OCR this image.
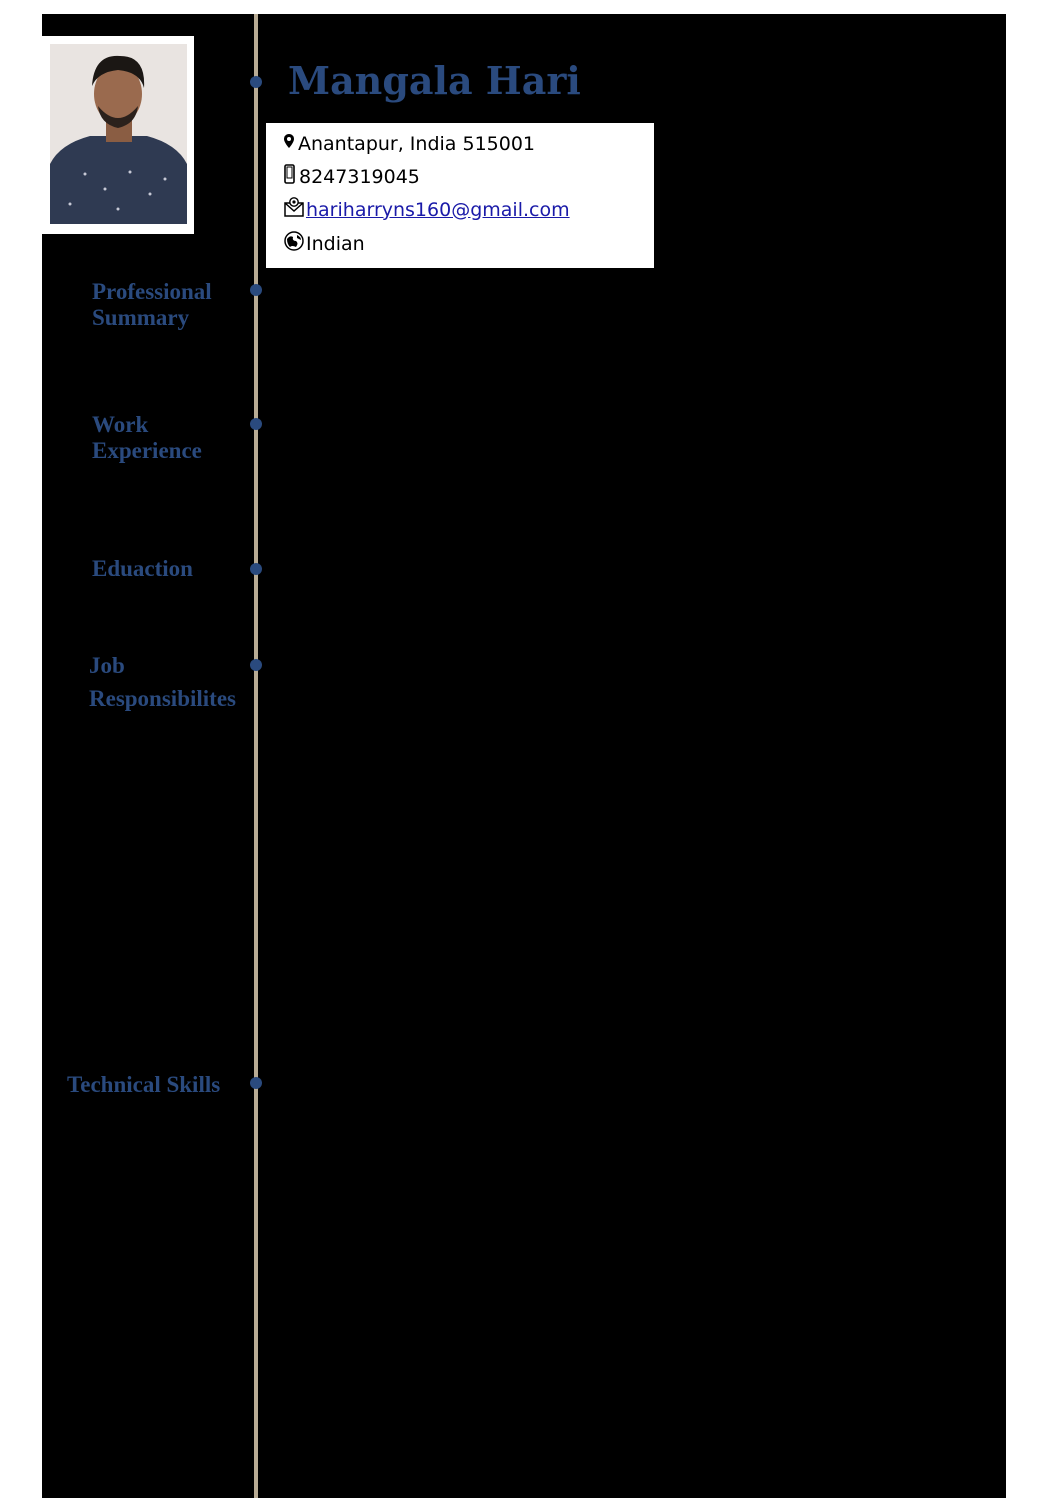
Mangala Hari
Anantapur, India 515001
8247319045
hariharryns160@gmail.com
Indian
Professional
Summary
Work
Experience
Eduaction
Job
Responsibilites
Technical Skills
